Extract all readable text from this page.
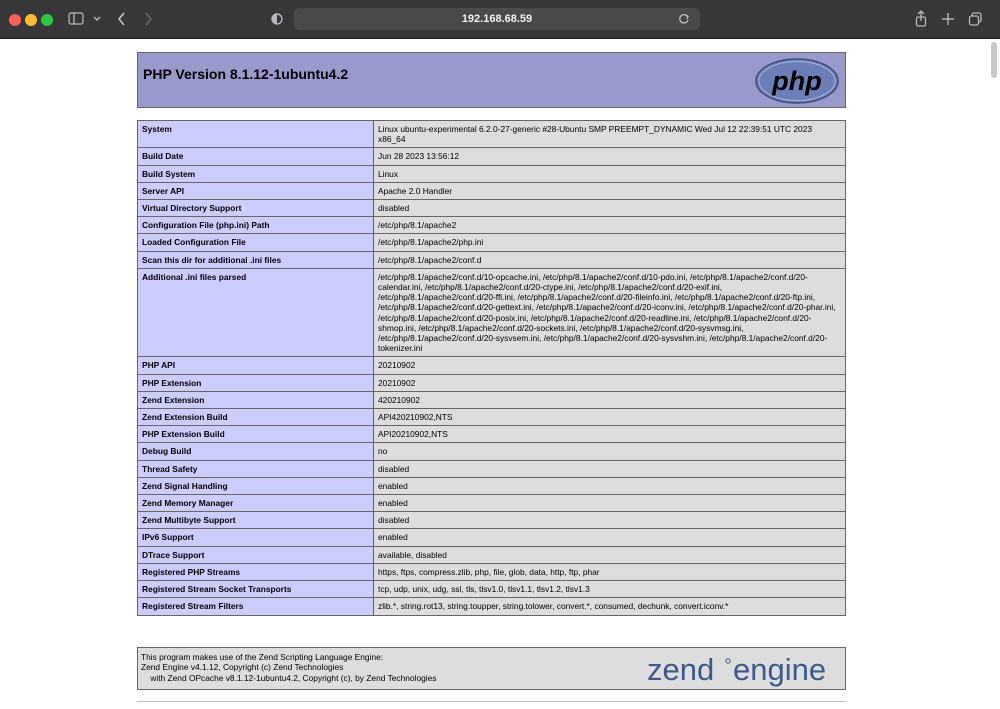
192.168.68.59
PHP Version 8.1.12-1ubuntu4.2	php
System	Linux ubuntu-experimental 6.2.0-27-generic #28-Ubuntu SMP PREEMPT_DYNAMIC Wed Jul 12 22:39:51 UTC 2023 x86_64
Build Date	Jun 28 2023 13:56:12
Build System	Linux
Server API	Apache 2.0 Handler
Virtual Directory Support	disabled
Configuration File (php.ini) Path	/etc/php/8.1/apache2
Loaded Configuration File	/etc/php/8.1/apache2/php.ini
Scan this dir for additional .ini files	/etc/php/8.1/apache2/conf.d
Additional .ini files parsed	/etc/php/8.1/apache2/conf.d/10-opcache.ini, /etc/php/8.1/apache2/conf.d/10-pdo.ini, /etc/php/8.1/apache2/conf.d/20-calendar.ini, /etc/php/8.1/apache2/conf.d/20-ctype.ini, /etc/php/8.1/apache2/conf.d/20-exif.ini, /etc/php/8.1/apache2/conf.d/20-ffi.ini, /etc/php/8.1/apache2/conf.d/20-fileinfo.ini, /etc/php/8.1/apache2/conf.d/20-ftp.ini, /etc/php/8.1/apache2/conf.d/20-gettext.ini, /etc/php/8.1/apache2/conf.d/20-iconv.ini, /etc/php/8.1/apache2/conf.d/20-phar.ini, /etc/php/8.1/apache2/conf.d/20-posix.ini, /etc/php/8.1/apache2/conf.d/20-readline.ini, /etc/php/8.1/apache2/conf.d/20-shmop.ini, /etc/php/8.1/apache2/conf.d/20-sockets.ini, /etc/php/8.1/apache2/conf.d/20-sysvmsg.ini, /etc/php/8.1/apache2/conf.d/20-sysvsem.ini, /etc/php/8.1/apache2/conf.d/20-sysvshm.ini, /etc/php/8.1/apache2/conf.d/20-tokenizer.ini
PHP API	20210902
PHP Extension	20210902
Zend Extension	420210902
Zend Extension Build	API420210902,NTS
PHP Extension Build	API20210902,NTS
Debug Build	no
Thread Safety	disabled
Zend Signal Handling	enabled
Zend Memory Manager	enabled
Zend Multibyte Support	disabled
IPv6 Support	enabled
DTrace Support	available, disabled
Registered PHP Streams	https, ftps, compress.zlib, php, file, glob, data, http, ftp, phar
Registered Stream Socket Transports	tcp, udp, unix, udg, ssl, tls, tlsv1.0, tlsv1.1, tlsv1.2, tlsv1.3
Registered Stream Filters	zlib.*, string.rot13, string.toupper, string.tolower, convert.*, consumed, dechunk, convert.iconv.*
This program makes use of the Zend Scripting Language Engine:
Zend Engine v4.1.12, Copyright (c) Zend Technologies
with Zend OPcache v8.1.12-1ubuntu4.2, Copyright (c), by Zend Technologies	zend engine
